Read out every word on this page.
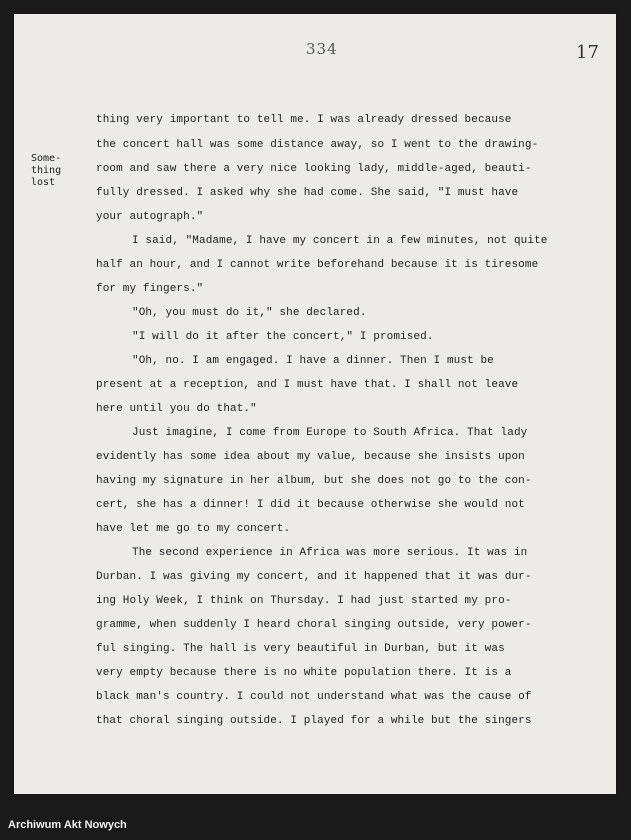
334	17
Some-
thing
lost
thing very important to tell me. I was already dressed because
the concert hall was some distance away, so I went to the drawing-
room and saw there a very nice looking lady, middle-aged, beauti-
fully dressed. I asked why she had come. She said, "I must have
your autograph."
I said, "Madame, I have my concert in a few minutes, not quite
half an hour, and I cannot write beforehand because it is tiresome
for my fingers."
"Oh, you must do it," she declared.
"I will do it after the concert," I promised.
"Oh, no. I am engaged. I have a dinner. Then I must be
present at a reception, and I must have that. I shall not leave
here until you do that."
Just imagine, I come from Europe to South Africa. That lady
evidently has some idea about my value, because she insists upon
having my signature in her album, but she does not go to the con-
cert, she has a dinner! I did it because otherwise she would not
have let me go to my concert.
The second experience in Africa was more serious. It was in
Durban. I was giving my concert, and it happened that it was dur-
ing Holy Week, I think on Thursday. I had just started my pro-
gramme, when suddenly I heard choral singing outside, very power-
ful singing. The hall is very beautiful in Durban, but it was
very empty because there is no white population there. It is a
black man's country. I could not understand what was the cause of
that choral singing outside. I played for a while but the singers
Archiwum Akt Nowych
